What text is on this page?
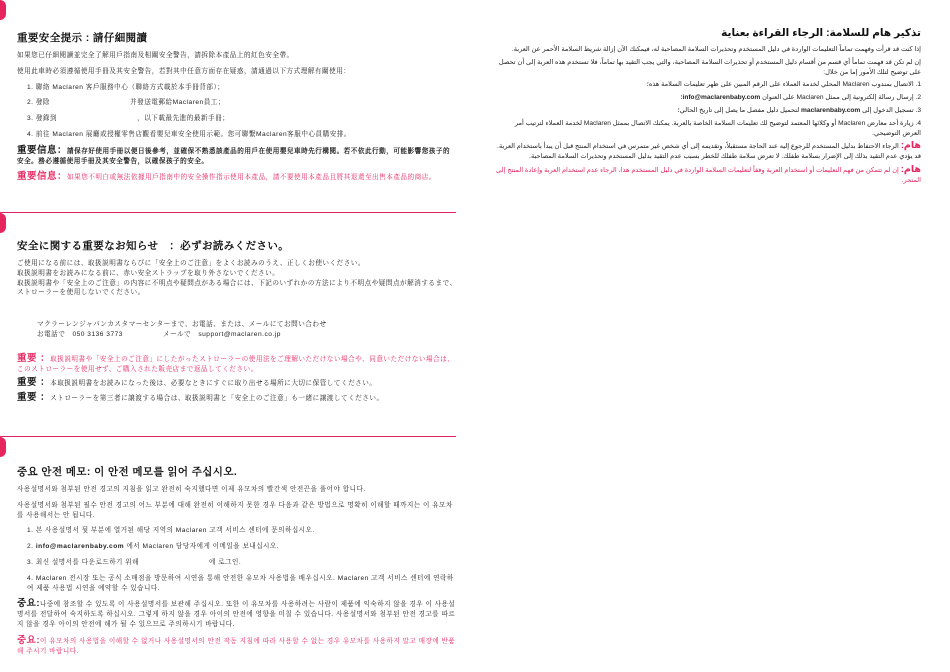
重要安全提示 : 請仔細閱讀

如果您已仔細閱讀並完全了解用戶指南及相關安全警告，請拆除本產品上的紅色安全帶。

使用此車時必須遵循使用手冊及其安全警告，若對其中任意方面存在疑惑，請通過以下方式理解有關使用：

1. 聯絡 Maclaren 客戶服務中心（聯絡方式載於本手冊背部）；

2. 發除	并發送電郵給Maclaren員工；

3. 發錄到	，以下載最先進的最新手冊；

4. 前往 Maclaren 展廳或授權零售店觀看嬰兒車安全使用示範。您可聯繫Maclaren客服中心員購安排。

重要信息：請保存好使用手冊以便日後參考，並確保不熟悉該產品的用戶在使用嬰兒車時先行構閱。若不依此行動，可能影響您孩子的安全。務必遵循使用手冊及其安全警告，以確保孩子的安全。

重要信息：如果您不明白或無法依據用戶指南中的安全操作指示使用本產品，請不要使用本產品且將其退還至出售本產品的商店。

安全に関する重要なお知らせ　：必ずお読みください。

ご使用になる前には、取扱説明書ならびに「安全上のご注意」をよくお読みのうえ、正しくお使いください。

取扱説明書をお読みになる前に、赤い安全ストラップを取り外さないでください。

取扱説明書や「安全上のご注意」の内容に不明点や疑問点がある場合には、下記のいずれかの方法により不明点や疑問点が解消するまで、ストローラーを使用しないでください。

マクラーレンジャパンカスタマーセンターまで、お電話、または、メールにてお問い合わせ

お電話で　050 3136 3773	メールで　support@maclaren.co.jp

重要 ：取扱説明書や「安全上のご注意」にしたがったストローラーの使用法をご理解いただけない場合や、同意いただけない場合は、このストローラーを使用せず、ご購入された販売店まで返品してください。

重要 ：本取扱説明書をお読みになった後は、必要なときにすぐに取り出せる場所に大切に保管してください。

重要 ：ストローラーを第三者に譲渡する場合は、取扱説明書と「安全上のご注意」も一緒に譲渡してください。

중요 안전 메모: 이 안전 메모를 읽어 주십시오.

사용설명서와 첨부된 안전 경고의 지침을 읽고 완전히 숙지했다면 이제 유모차의 빨간색 안전끈을 풀어야 합니다.

사용설명서와 첨부된 필수 안전 경고의 어느 부분에 대해 완전히 이해하지 못한 경우 다음과 같은 방법으로 명확히 이해할 때까지는 이 유모차를 사용해서는 안 됩니다.

1. 본 사용설명서 뒷 부분에 열거된 해당 지역의 Maclaren 고객 서비스 센터에 문의하십시오.

2. info@maclarenbaby.com 에서 Maclaren 담당자에게 이메일을 보내십시오.

3. 최신 설명서를 다운로드하기 위해	에 로그인.

4. Maclaren 전시장 또는 공식 소매점을 방문하여 시연을 통해 안전한 유모차 사용법을 배우십시오. Maclaren 고객 서비스 센터에 연락하여 제품 사용법 시연을 예약할 수 있습니다.

중요:나중에 참조할 수 있도록 이 사용설명서를 보관해 주십시오. 또한 이 유모차를 사용하려는 사람이 제품에 익숙하지 않을 경우 이 사용설명서를 전달하여 숙지하도록 하십시오. 그렇게 하지 않을 경우 아이의 안전에 영향을 미칠 수 있습니다. 사용설명서와 첨부된 안전 경고를 따르지 않을 경우 아이의 안전에 해가 될 수 있으므로 주의하시기 바랍니다.

중요:이 유모차의 사용법을 이해할 수 없거나 사용설명서의 안전 작동 지침에 따라 사용할 수 없는 경우 유모차를 사용하지 말고 매장에 반품해 주시기 바랍니다.

تذكير هام للسلامة: الرجاء القراءة بعناية

إذا كنت قد قرأت وفهمت تماماً التعليمات الواردة في دليل المستخدم وتحذيرات السلامة المصاحبة له، فيمكنك الآن إزالة شريط السلامة الأحمر عن العربة.

إن لم تكن قد فهمت تماماً أي قسم من أقسام دليل المستخدم أو تحذيرات السلامة المصاحبة، والتي يجب التقيد بها تماماً، فلا تستخدم هذه العربة إلى أن تحصل على توضيح لتلك الأمور إما من خلال:

1. الاتصال بمندوب Maclaren المحلي لخدمة العملاء على الرقم المبين على ظهر تعليمات السلامة هذه؛

2. إرسال رسالة إلكترونية إلى ممثل Maclaren على العنوان info@maclarenbaby.com؛

3. تسجيل الدخول إلى maclarenbaby.com لتحميل دليل مفصل ما يصل إلى تاريخ الحالي؛

4. زيارة أحد معارض Maclaren أو وكلائها المعتمد لتوضيح لك تعليمات السلامة الخاصة بالعربة. يمكنك الاتصال بممثل Maclaren لخدمة العملاء لترتيب أمر العرض التوضيحي.

هام: الرجاء الاحتفاظ بدليل المستخدم للرجوع إليه عند الحاجة مستقبلاً، وتقديمه إلى أي شخص غير متمرس في استخدام المنتج قبل أن يبدأ باستخدام العربة. قد يؤدي عدم التقيد بذلك إلى الإضرار بسلامة طفلك. لا تعرض سلامة طفلك للخطر بسبب عدم التقيد بدليل المستخدم وتحذيرات السلامة المصاحبة.

هام: إن لم تتمكن من فهم التعليمات أو استخدام العربة وفقاً لتعليمات السلامة الواردة في دليل المستخدم هذا، الرجاء عدم استخدام العربة وإعادة المنتج إلى المتجر.
